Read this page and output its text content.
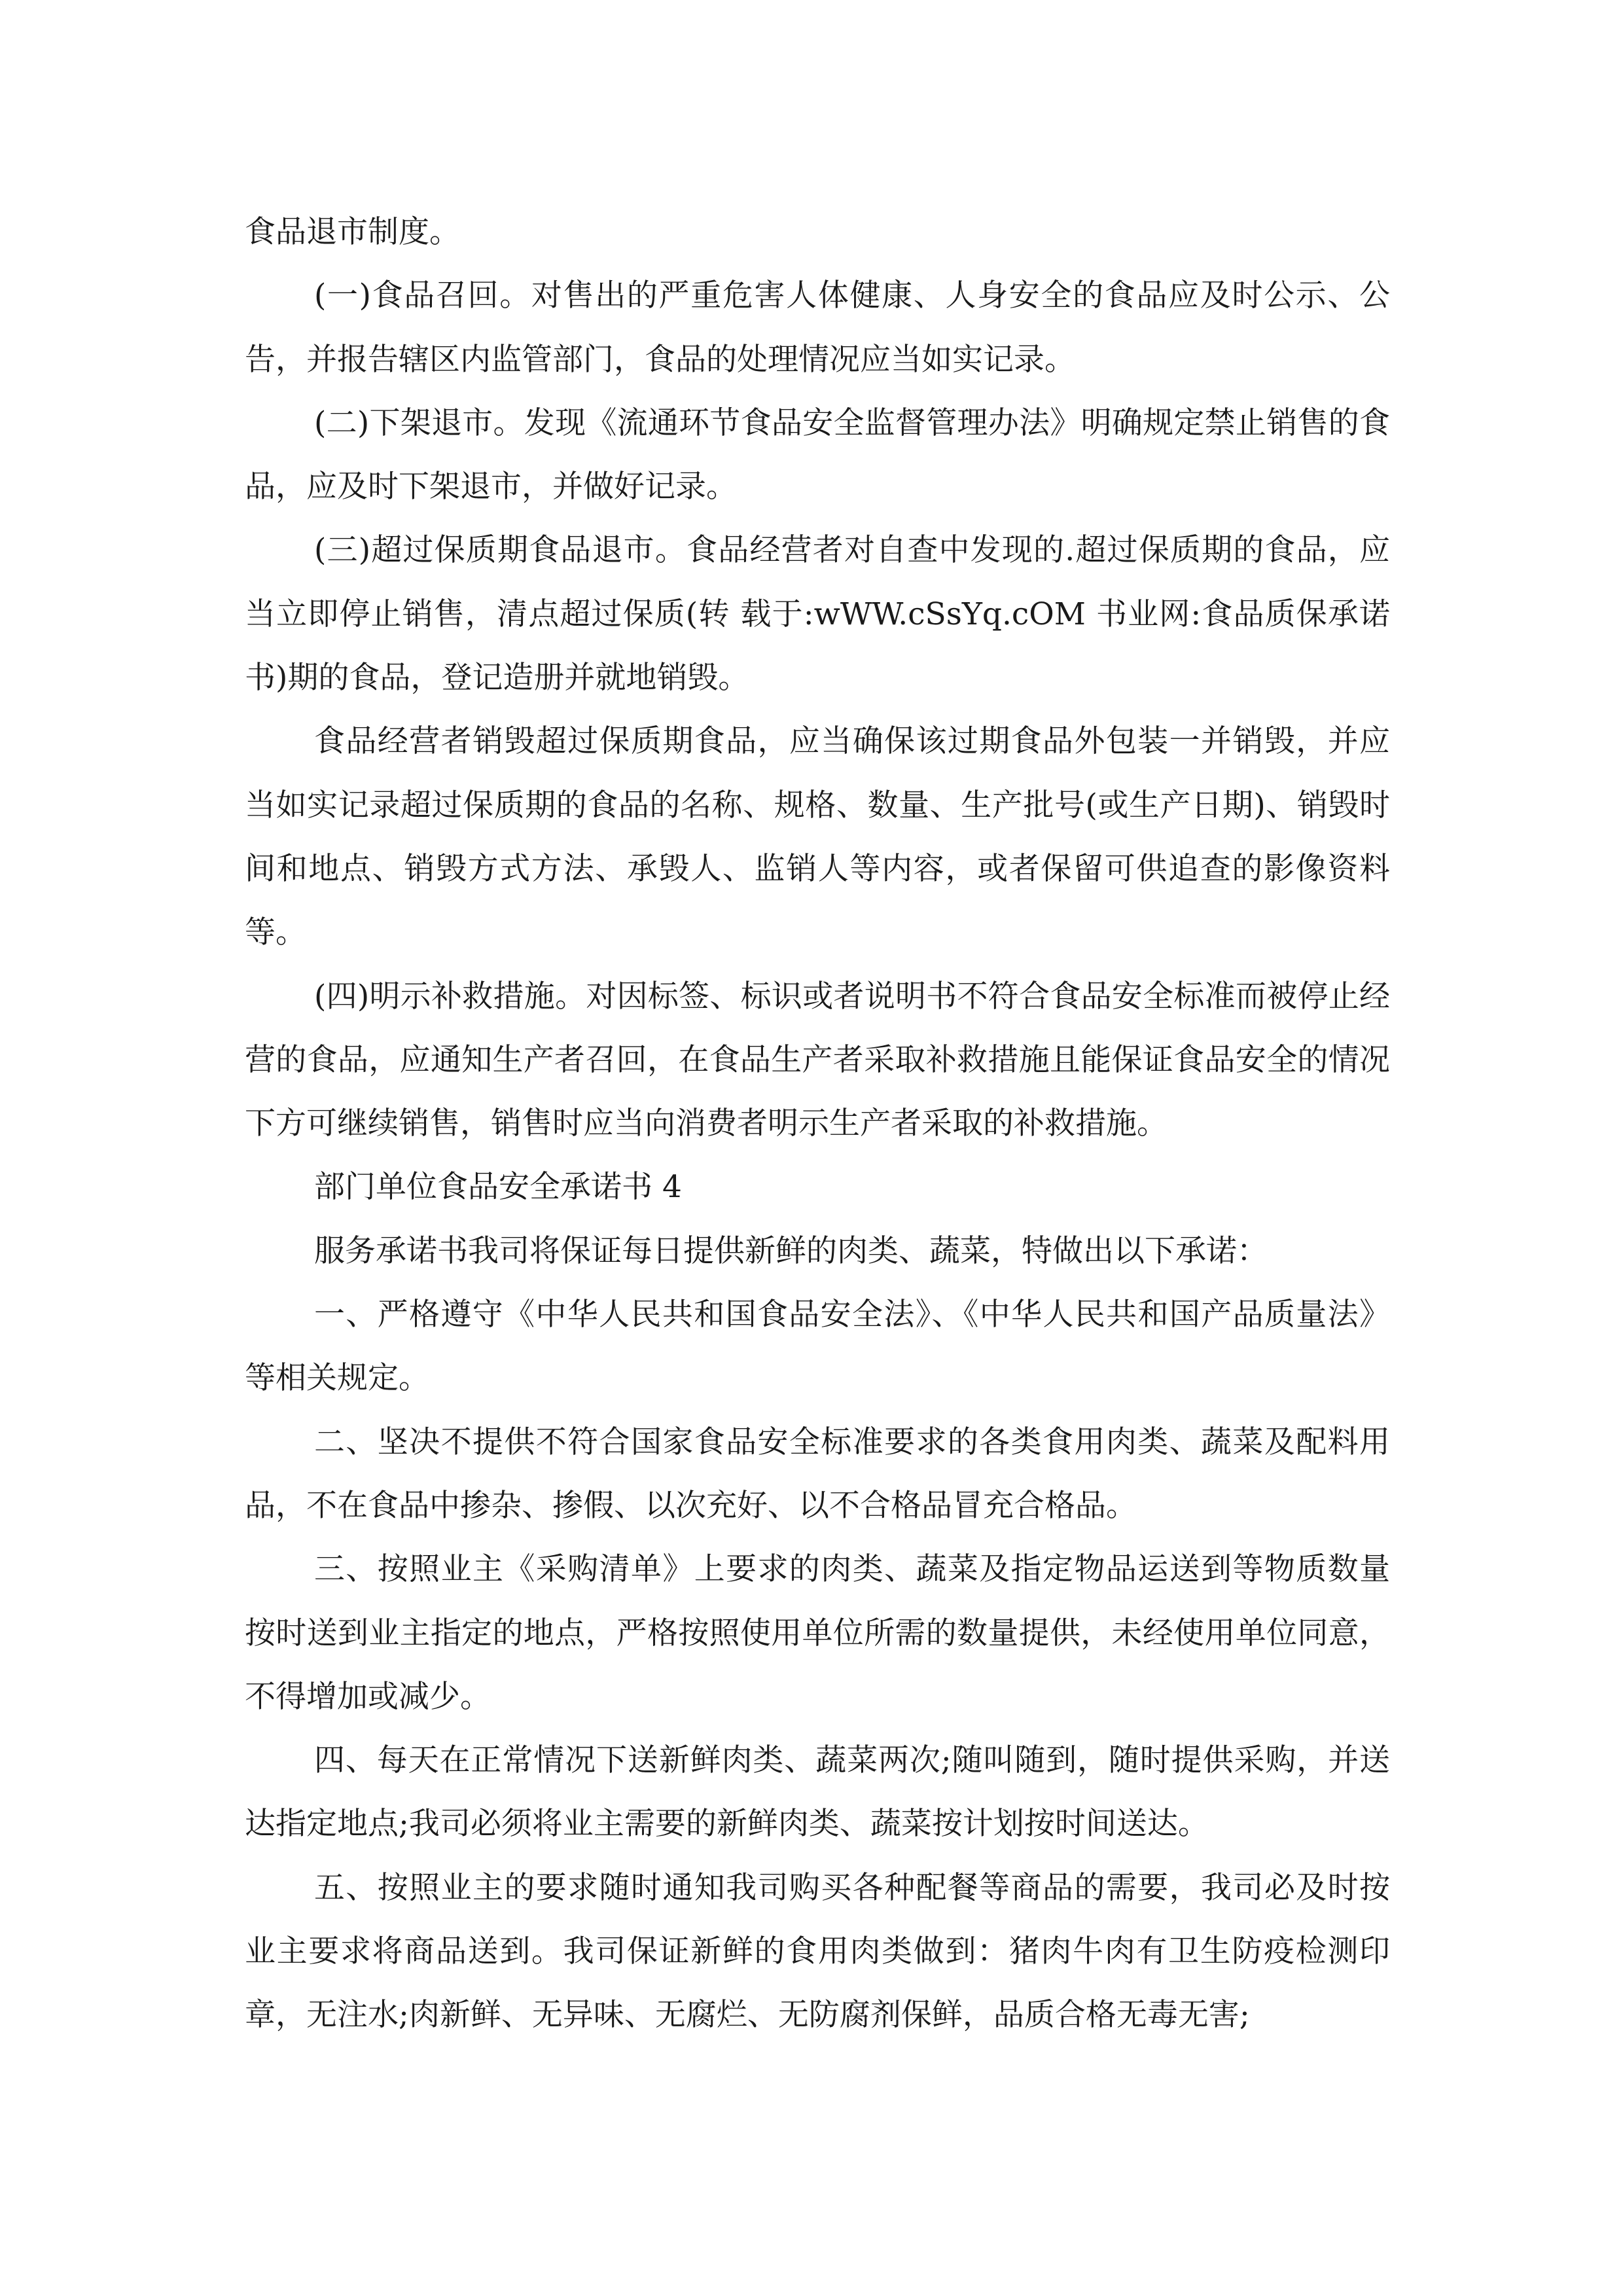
食品退市制度。

(一)食品召回。对售出的严重危害人体健康、人身安全的食品应及时公示、公告，并报告辖区内监管部门，食品的处理情况应当如实记录。

(二)下架退市。发现《流通环节食品安全监督管理办法》明确规定禁止销售的食品，应及时下架退市，并做好记录。

(三)超过保质期食品退市。食品经营者对自查中发现的.超过保质期的食品，应当立即停止销售，清点超过保质(转 载于:wWW.cSsYq.cOM 书业网:食品质保承诺书)期的食品，登记造册并就地销毁。

食品经营者销毁超过保质期食品，应当确保该过期食品外包装一并销毁，并应当如实记录超过保质期的食品的名称、规格、数量、生产批号(或生产日期)、销毁时间和地点、销毁方式方法、承毁人、监销人等内容，或者保留可供追查的影像资料等。

(四)明示补救措施。对因标签、标识或者说明书不符合食品安全标准而被停止经营的食品，应通知生产者召回，在食品生产者采取补救措施且能保证食品安全的情况下方可继续销售，销售时应当向消费者明示生产者采取的补救措施。

部门单位食品安全承诺书 4

服务承诺书我司将保证每日提供新鲜的肉类、蔬菜，特做出以下承诺：

一、严格遵守《中华人民共和国食品安全法》、《中华人民共和国产品质量法》等相关规定。

二、坚决不提供不符合国家食品安全标准要求的各类食用肉类、蔬菜及配料用品，不在食品中掺杂、掺假、以次充好、以不合格品冒充合格品。

三、按照业主《采购清单》上要求的肉类、蔬菜及指定物品运送到等物质数量按时送到业主指定的地点，严格按照使用单位所需的数量提供，未经使用单位同意，不得增加或减少。

四、每天在正常情况下送新鲜肉类、蔬菜两次;随叫随到，随时提供采购，并送达指定地点;我司必须将业主需要的新鲜肉类、蔬菜按计划按时间送达。

五、按照业主的要求随时通知我司购买各种配餐等商品的需要，我司必及时按业主要求将商品送到。我司保证新鲜的食用肉类做到：猪肉牛肉有卫生防疫检测印章，无注水;肉新鲜、无异味、无腐烂、无防腐剂保鲜，品质合格无毒无害;
